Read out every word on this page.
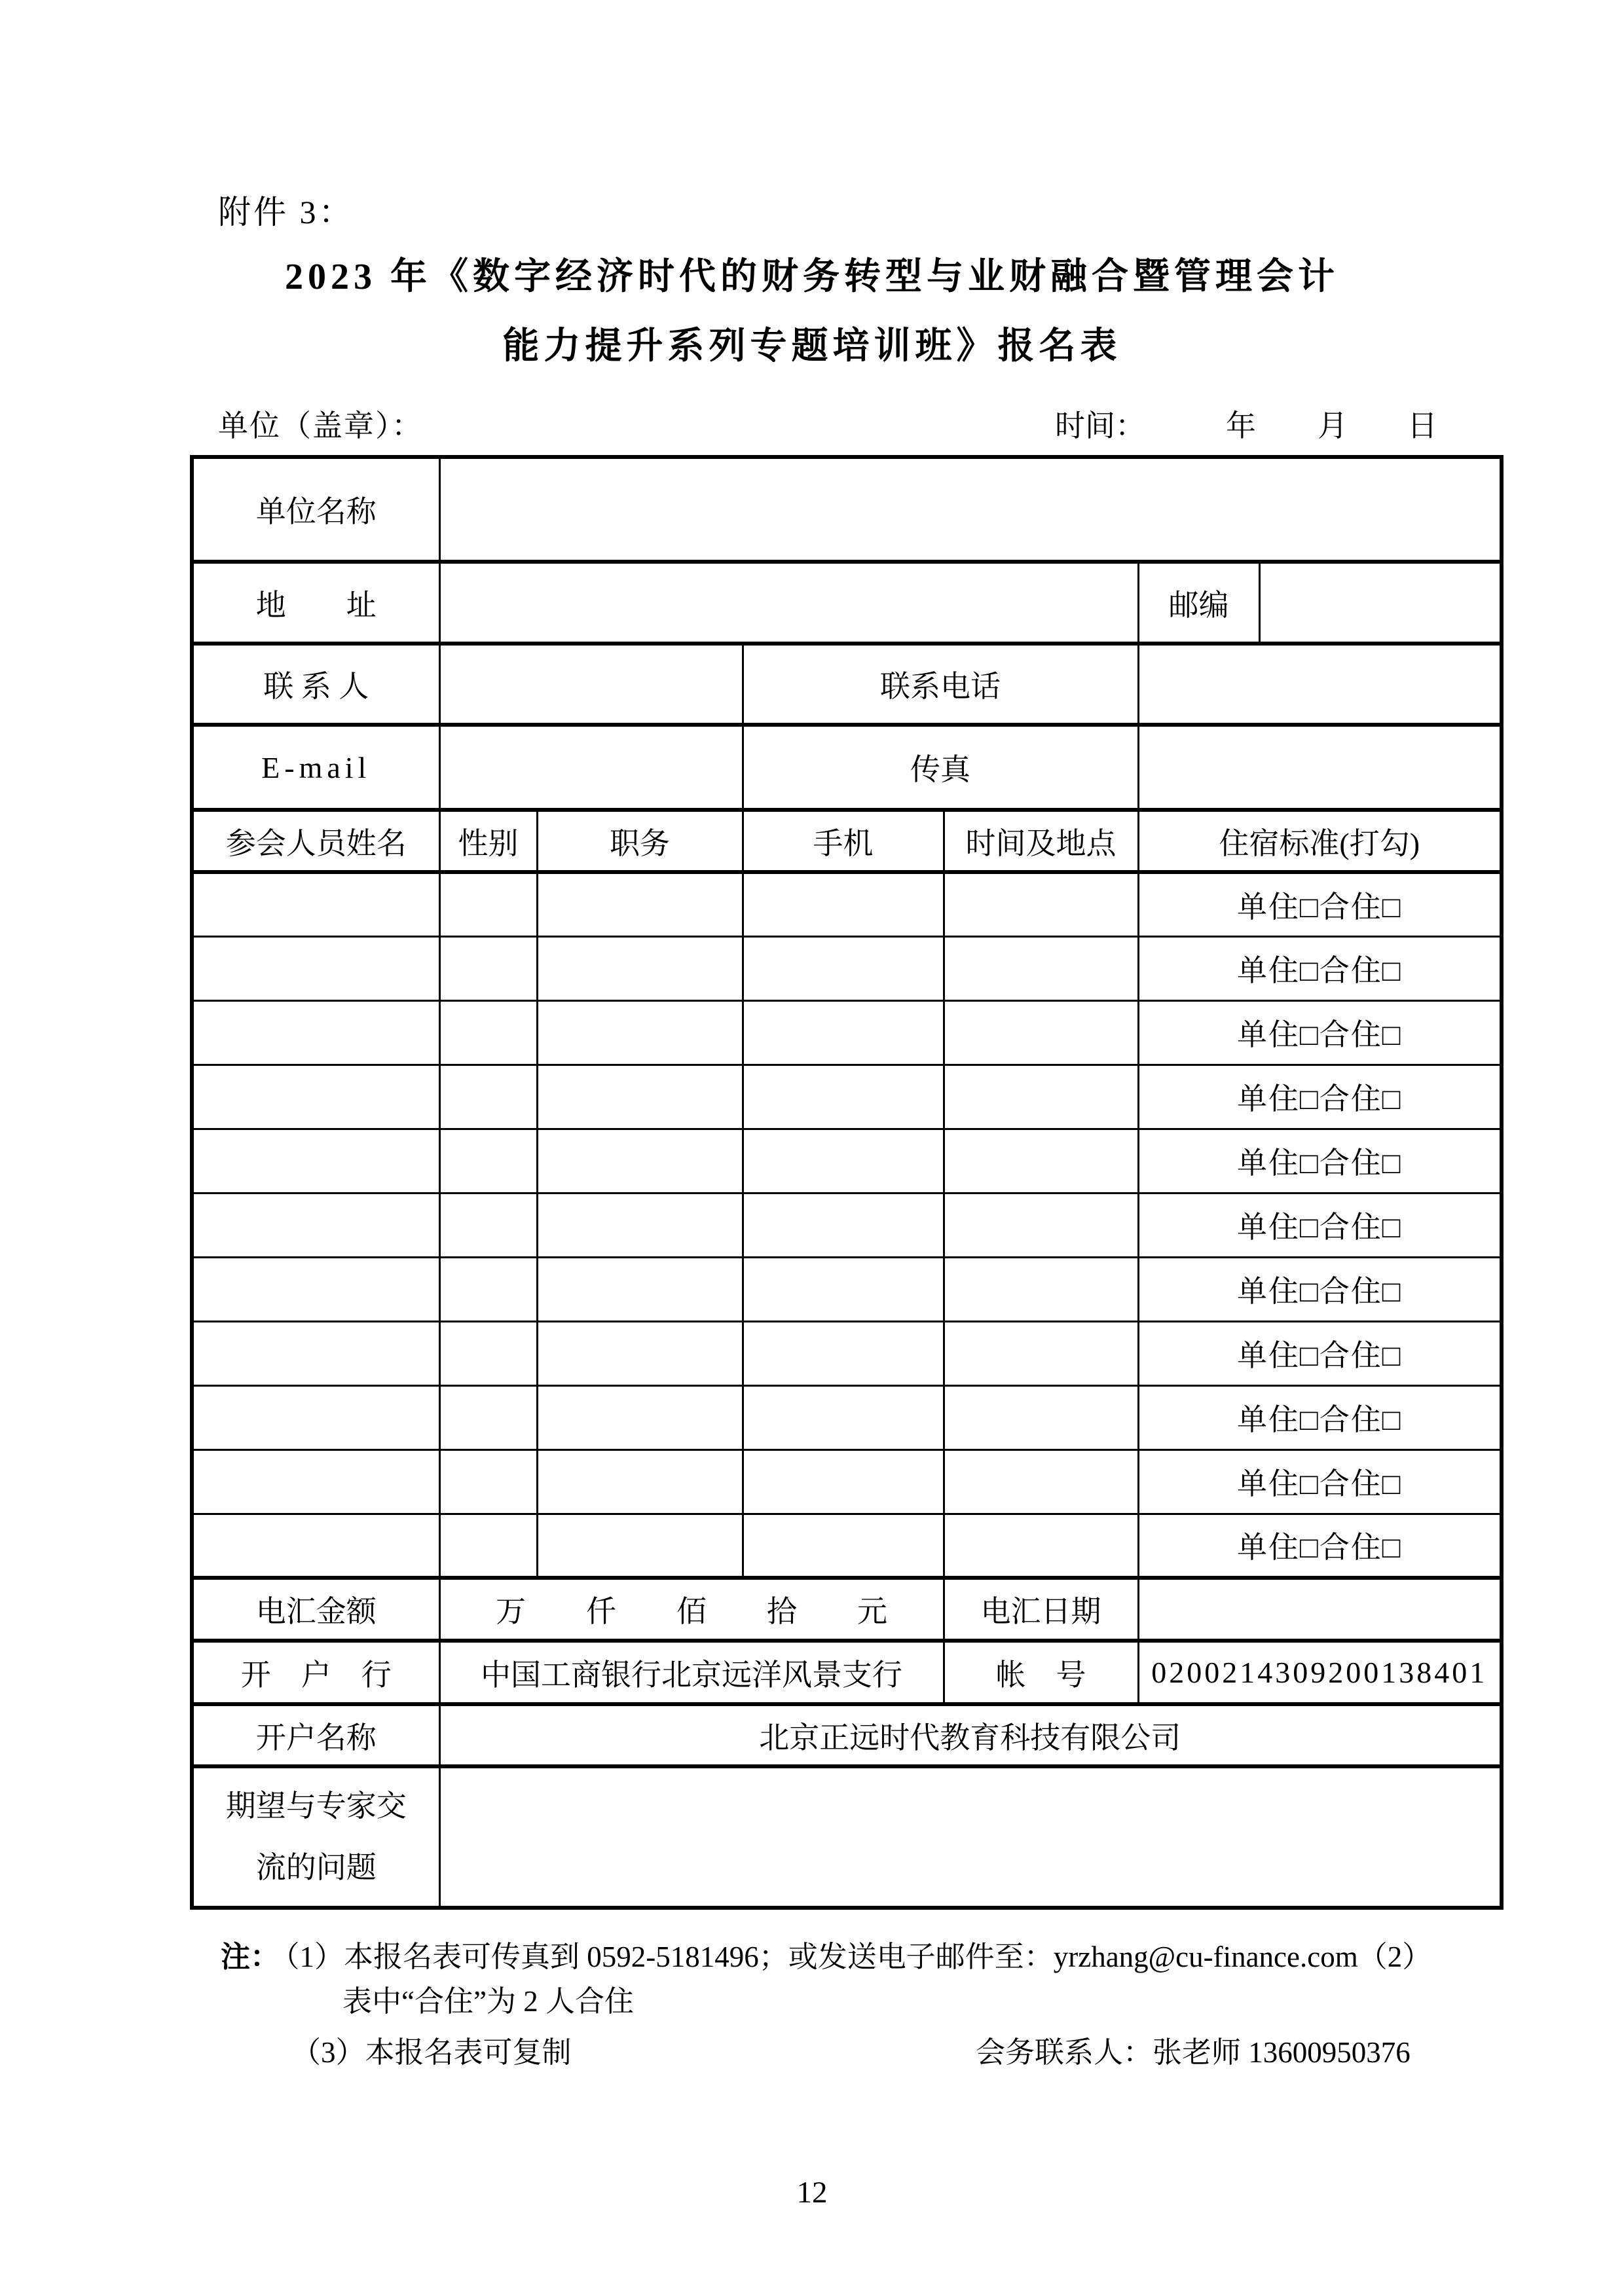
附件 3：
2023 年《数字经济时代的财务转型与业财融合暨管理会计
能力提升系列专题培训班》报名表
单位（盖章）：	时间：	年 月 日
单位名称						
地　　址					邮编	
联 系 人			联系电话			
E-mail			传真			
参会人员姓名	性别	职务	手机	时间及地点	住宿标准(打勾)	
					单住□合住□	
					单住□合住□	
					单住□合住□	
					单住□合住□	
					单住□合住□	
					单住□合住□	
					单住□合住□	
					单住□合住□	
					单住□合住□	
					单住□合住□	
					单住□合住□	
电汇金额	万　　仟　　佰　　拾　　元			电汇日期		
开　户　行	中国工商银行北京远洋风景支行			帐　号	0200214309200138401	
开户名称	北京正远时代教育科技有限公司					

期望与专家交
流的问题						

注： （1）本报名表可传真到 0592-5181496；或发送电子邮件至：yrzhang@cu-finance.com（2）
表中“合住”为 2 人合住
（3）本报名表可复制	会务联系人：张老师 13600950376
12
